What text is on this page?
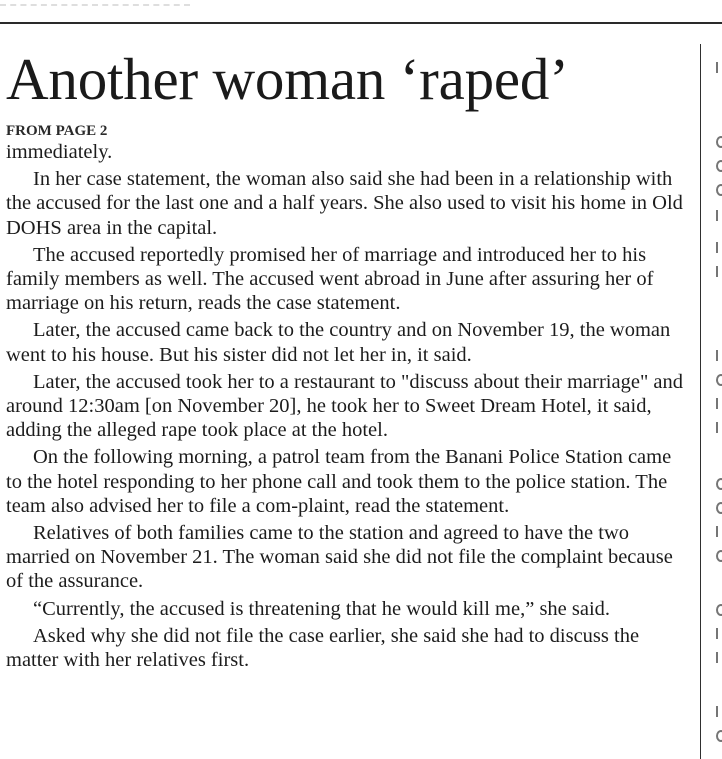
Another woman ‘raped’
FROM PAGE 2

immediately.

In her case statement, the woman also said she had been in a relationship with the accused for the last one and a half years. She also used to visit his home in Old DOHS area in the capital.

The accused reportedly promised her of marriage and introduced her to his family members as well. The accused went abroad in June after assuring her of marriage on his return, reads the case statement.

Later, the accused came back to the country and on November 19, the woman went to his house. But his sister did not let her in, it said.

Later, the accused took her to a restaurant to "discuss about their marriage" and around 12:30am [on November 20], he took her to Sweet Dream Hotel, it said, adding the alleged rape took place at the hotel.

On the following morning, a patrol team from the Banani Police Station came to the hotel responding to her phone call and took them to the police station. The team also advised her to file a com-plaint, read the statement.

Relatives of both families came to the station and agreed to have the two married on November 21. The woman said she did not file the complaint because of the assurance.

“Currently, the accused is threatening that he would kill me,” she said.

Asked why she did not file the case earlier, she said she had to discuss the matter with her relatives first.
